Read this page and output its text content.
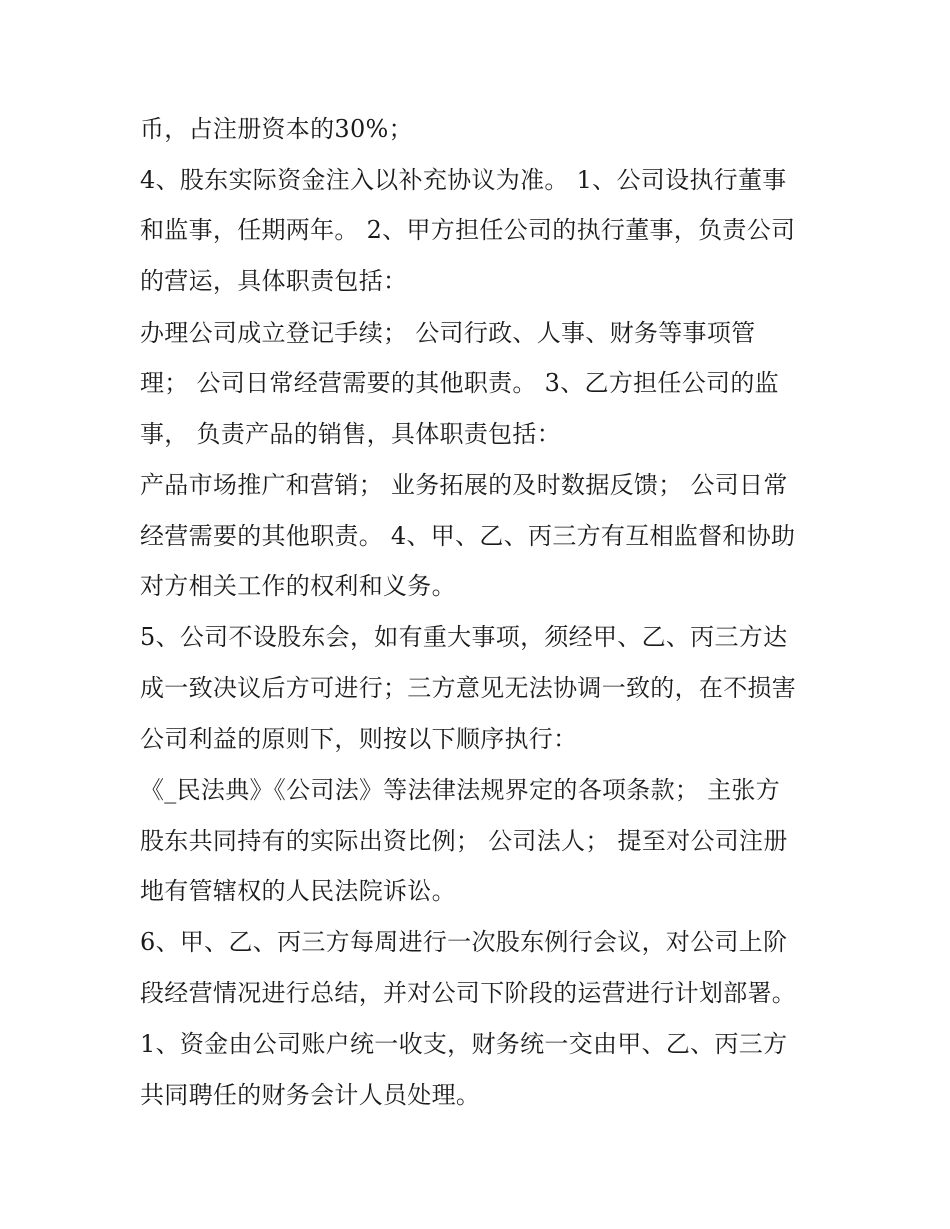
币，占注册资本的30%；
4、股东实际资金注入以补充协议为准。 1、公司设执行董事
和监事，任期两年。 2、甲方担任公司的执行董事，负责公司
的营运，具体职责包括：
办理公司成立登记手续； 公司行政、人事、财务等事项管
理； 公司日常经营需要的其他职责。 3、乙方担任公司的监
事， 负责产品的销售，具体职责包括：
产品市场推广和营销； 业务拓展的及时数据反馈； 公司日常
经营需要的其他职责。 4、甲、乙、丙三方有互相监督和协助
对方相关工作的权利和义务。
5、公司不设股东会，如有重大事项，须经甲、乙、丙三方达
成一致决议后方可进行；三方意见无法协调一致的，在不损害
公司利益的原则下，则按以下顺序执行：
《_民法典》《公司法》等法律法规界定的各项条款； 主张方
股东共同持有的实际出资比例； 公司法人； 提至对公司注册
地有管辖权的人民法院诉讼。
6、甲、乙、丙三方每周进行一次股东例行会议，对公司上阶
段经营情况进行总结，并对公司下阶段的运营进行计划部署。
1、资金由公司账户统一收支，财务统一交由甲、乙、丙三方
共同聘任的财务会计人员处理。
